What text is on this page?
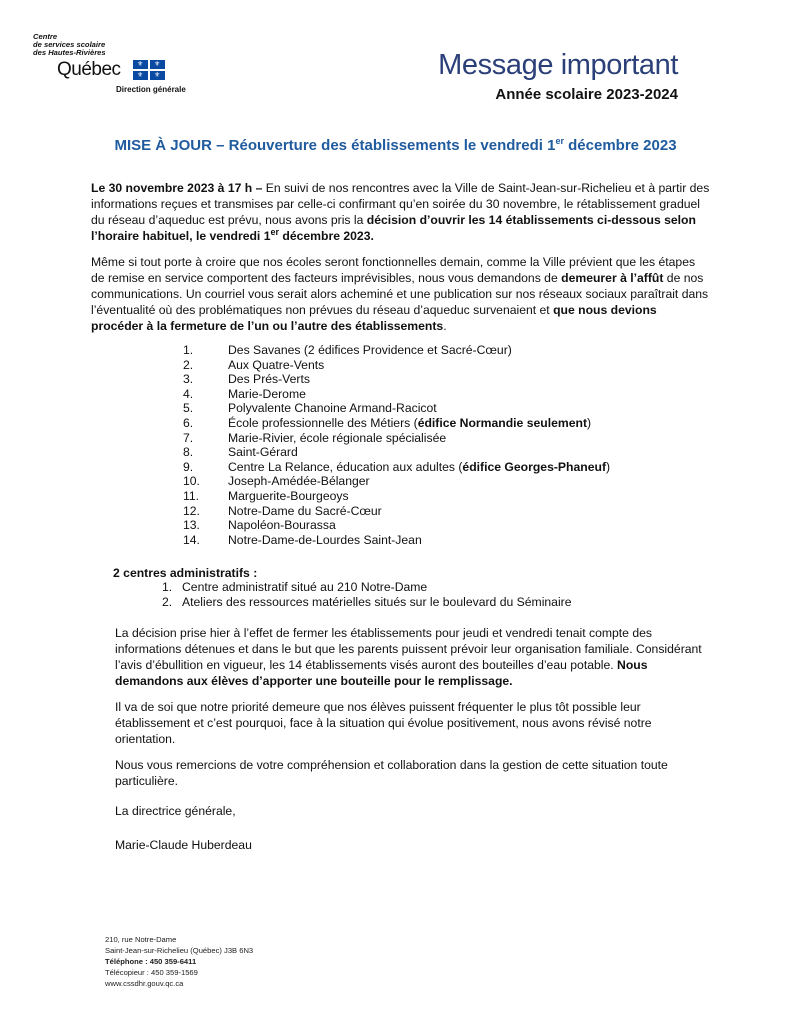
Centre
de services scolaire
des Hautes-Rivières
Québec ⚜ ⚜
⚜ ⚜
Direction générale
Message important
Année scolaire 2023-2024
MISE À JOUR – Réouverture des établissements le vendredi 1er décembre 2023
Le 30 novembre 2023 à 17 h – En suivi de nos rencontres avec la Ville de Saint-Jean-sur-Richelieu et à partir des informations reçues et transmises par celle-ci confirmant qu’en soirée du 30 novembre, le rétablissement graduel du réseau d’aqueduc est prévu, nous avons pris la décision d’ouvrir les 14 établissements ci-dessous selon l’horaire habituel, le vendredi 1er décembre 2023.
Même si tout porte à croire que nos écoles seront fonctionnelles demain, comme la Ville prévient que les étapes de remise en service comportent des facteurs imprévisibles, nous vous demandons de demeurer à l’affût de nos communications. Un courriel vous serait alors acheminé et une publication sur nos réseaux sociaux paraîtrait dans l’éventualité où des problématiques non prévues du réseau d’aqueduc survenaient et que nous devions procéder à la fermeture de l’un ou l’autre des établissements.
1.	Des Savanes (2 édifices Providence et Sacré-Cœur)
2.	Aux Quatre-Vents
3.	Des Prés-Verts
4.	Marie-Derome
5.	Polyvalente Chanoine Armand-Racicot
6.	École professionnelle des Métiers (édifice Normandie seulement)
7.	Marie-Rivier, école régionale spécialisée
8.	Saint-Gérard
9.	Centre La Relance, éducation aux adultes (édifice Georges-Phaneuf)
10. Joseph-Amédée-Bélanger
11. Marguerite-Bourgeoys
12. Notre-Dame du Sacré-Cœur
13. Napoléon-Bourassa
14. Notre-Dame-de-Lourdes Saint-Jean
2 centres administratifs :
1. Centre administratif situé au 210 Notre-Dame
2. Ateliers des ressources matérielles situés sur le boulevard du Séminaire
La décision prise hier à l’effet de fermer les établissements pour jeudi et vendredi tenait compte des informations détenues et dans le but que les parents puissent prévoir leur organisation familiale. Considérant l’avis d’ébullition en vigueur, les 14 établissements visés auront des bouteilles d’eau potable. Nous demandons aux élèves d’apporter une bouteille pour le remplissage.
Il va de soi que notre priorité demeure que nos élèves puissent fréquenter le plus tôt possible leur établissement et c’est pourquoi, face à la situation qui évolue positivement, nous avons révisé notre orientation.
Nous vous remercions de votre compréhension et collaboration dans la gestion de cette situation toute particulière.
La directrice générale,
Marie-Claude Huberdeau
210, rue Notre-Dame
Saint-Jean-sur-Richelieu (Québec) J3B 6N3
Téléphone : 450 359-6411
Télécopieur : 450 359-1569
www.cssdhr.gouv.qc.ca
